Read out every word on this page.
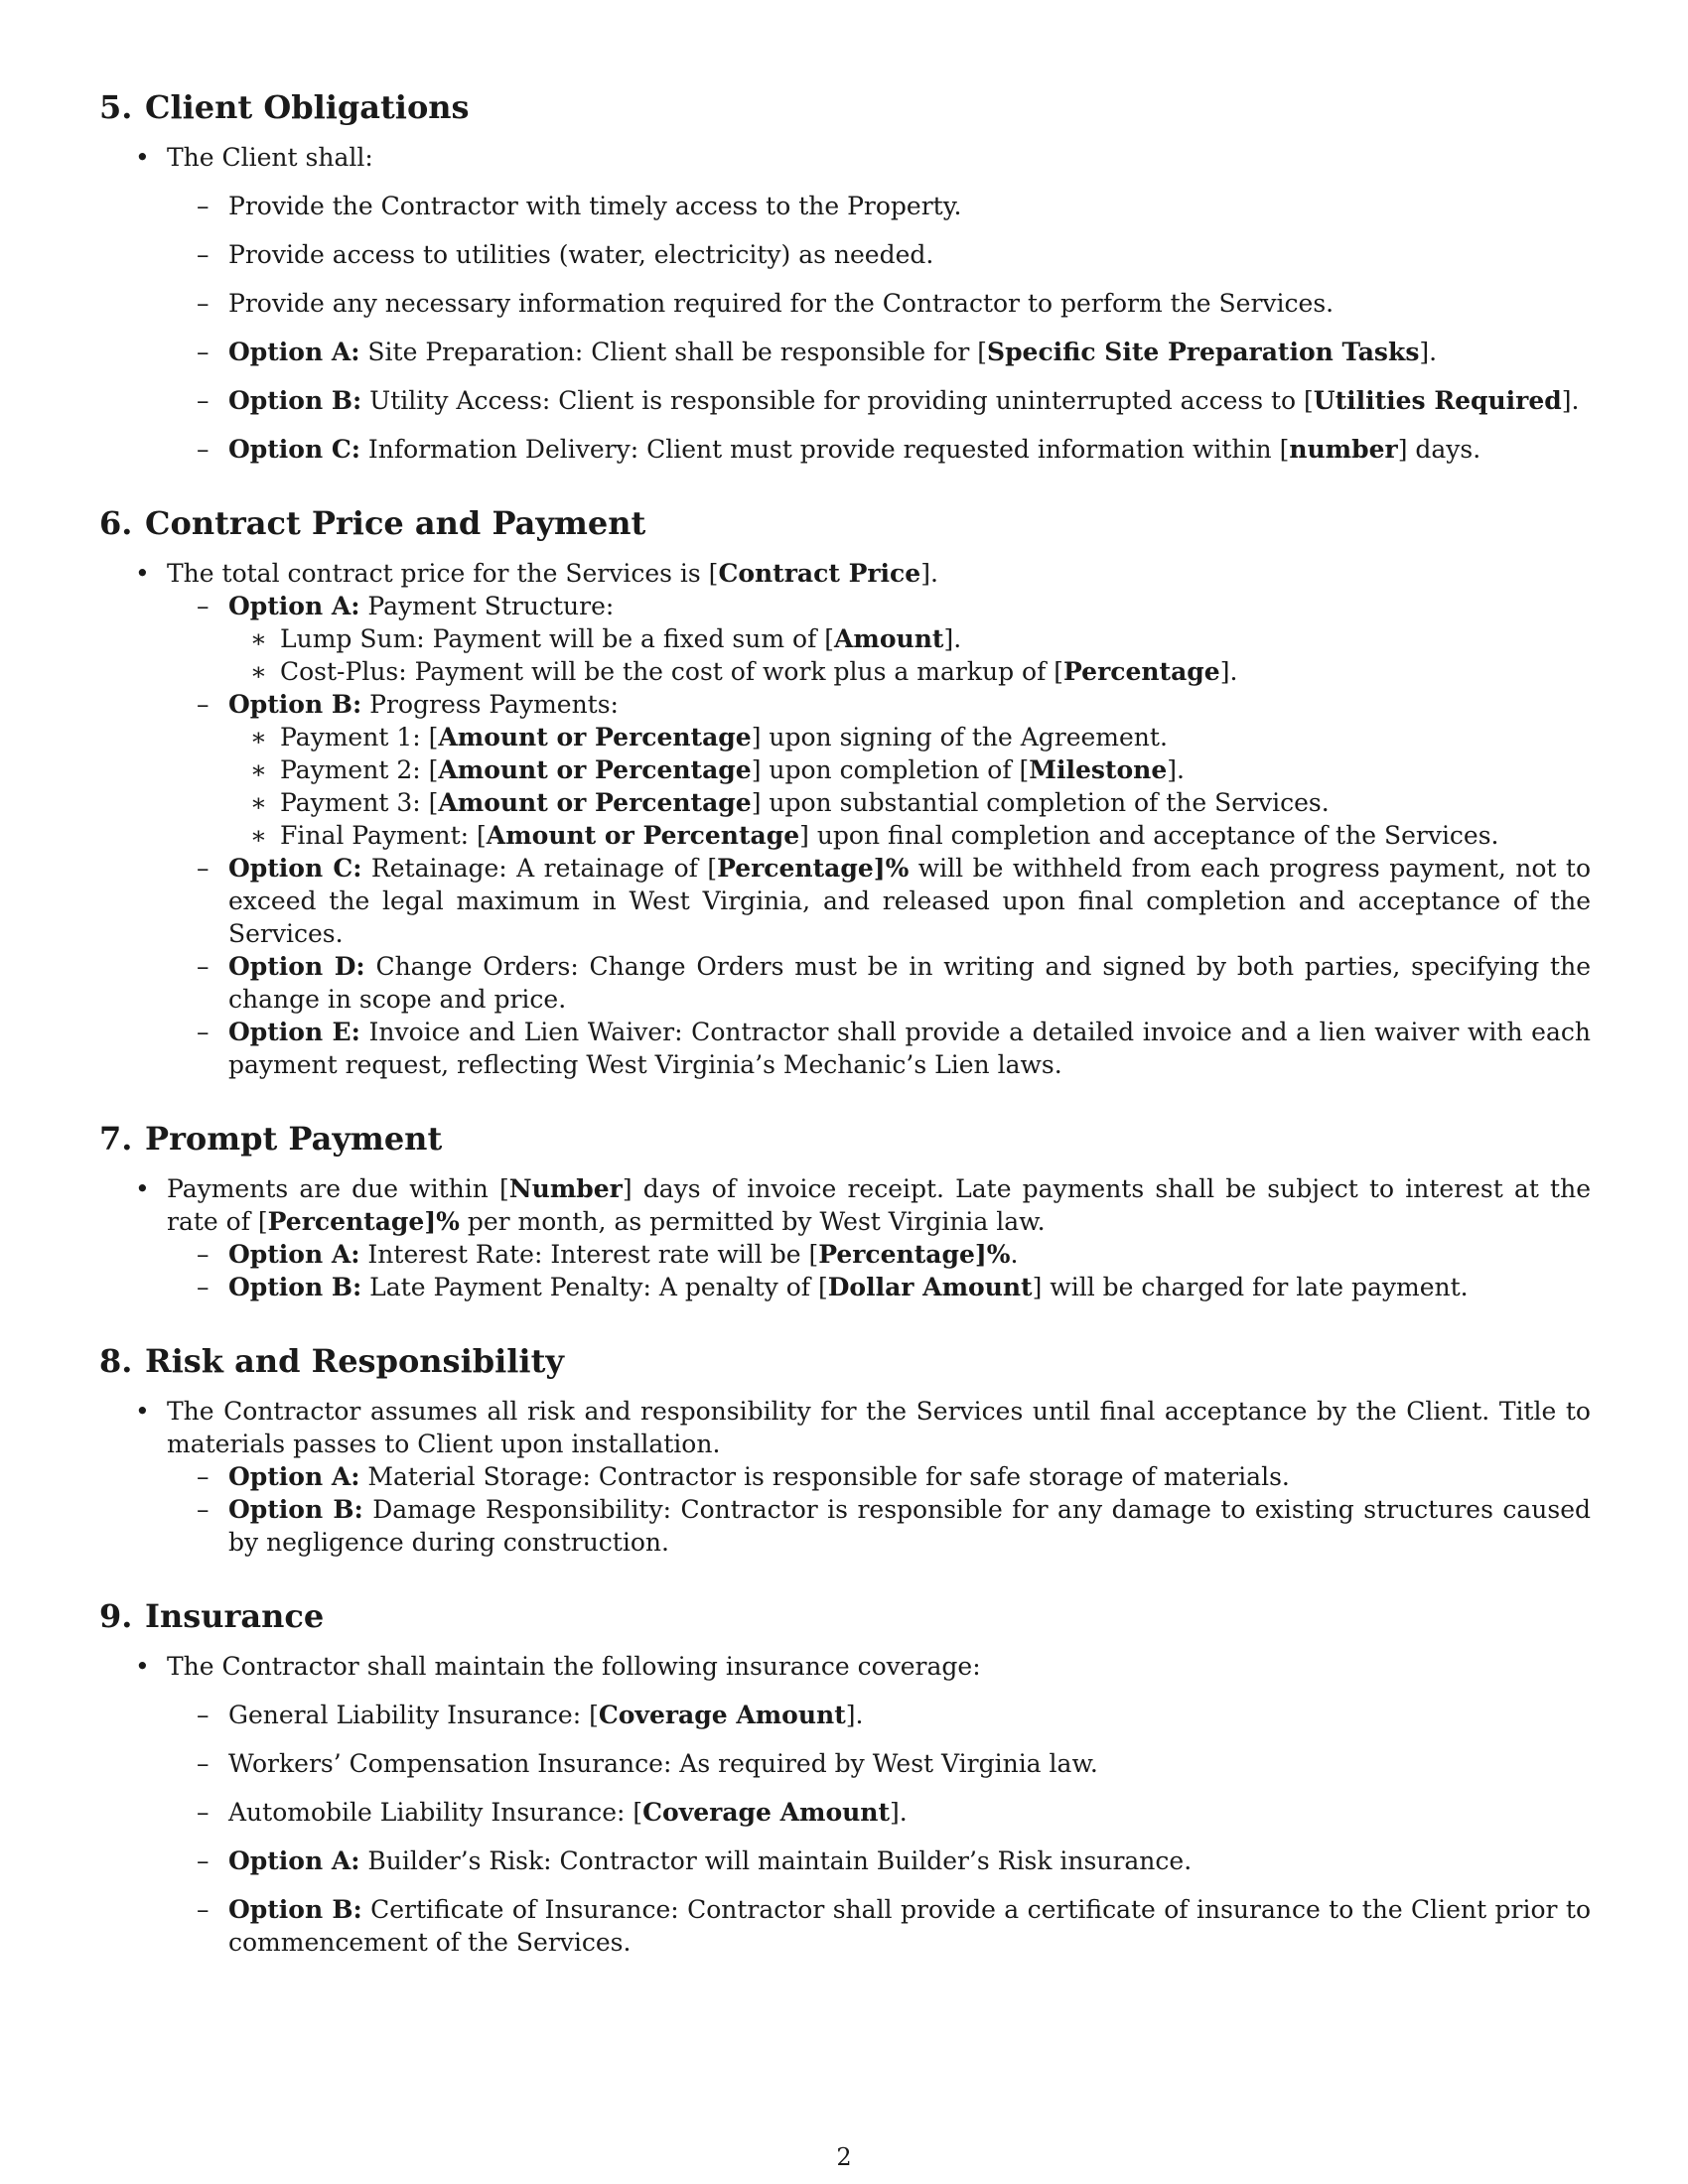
5. Client Obligations
• The Client shall:
– Provide the Contractor with timely access to the Property.
– Provide access to utilities (water, electricity) as needed.
– Provide any necessary information required for the Contractor to perform the Services.
– Option A: Site Preparation: Client shall be responsible for [Specific Site Preparation Tasks].
– Option B: Utility Access: Client is responsible for providing uninterrupted access to [Utilities Required].
– Option C: Information Delivery: Client must provide requested information within [number] days.
6. Contract Price and Payment
• The total contract price for the Services is [Contract Price].
– Option A: Payment Structure:
∗ Lump Sum: Payment will be a fixed sum of [Amount].
∗ Cost-Plus: Payment will be the cost of work plus a markup of [Percentage].
– Option B: Progress Payments:
∗ Payment 1: [Amount or Percentage] upon signing of the Agreement.
∗ Payment 2: [Amount or Percentage] upon completion of [Milestone].
∗ Payment 3: [Amount or Percentage] upon substantial completion of the Services.
∗ Final Payment: [Amount or Percentage] upon final completion and acceptance of the Services.
– Option C: Retainage: A retainage of [Percentage]% will be withheld from each progress payment, not to exceed the legal maximum in West Virginia, and released upon final completion and acceptance of the Services.
– Option D: Change Orders: Change Orders must be in writing and signed by both parties, specifying the change in scope and price.
– Option E: Invoice and Lien Waiver: Contractor shall provide a detailed invoice and a lien waiver with each payment request, reflecting West Virginia’s Mechanic’s Lien laws.
7. Prompt Payment
• Payments are due within [Number] days of invoice receipt. Late payments shall be subject to interest at the rate of [Percentage]% per month, as permitted by West Virginia law.
– Option A: Interest Rate: Interest rate will be [Percentage]%.
– Option B: Late Payment Penalty: A penalty of [Dollar Amount] will be charged for late payment.
8. Risk and Responsibility
• The Contractor assumes all risk and responsibility for the Services until final acceptance by the Client. Title to materials passes to Client upon installation.
– Option A: Material Storage: Contractor is responsible for safe storage of materials.
– Option B: Damage Responsibility: Contractor is responsible for any damage to existing structures caused by negligence during construction.
9. Insurance
• The Contractor shall maintain the following insurance coverage:
– General Liability Insurance: [Coverage Amount].
– Workers’ Compensation Insurance: As required by West Virginia law.
– Automobile Liability Insurance: [Coverage Amount].
– Option A: Builder’s Risk: Contractor will maintain Builder’s Risk insurance.
– Option B: Certificate of Insurance: Contractor shall provide a certificate of insurance to the Client prior to commencement of the Services.
2
